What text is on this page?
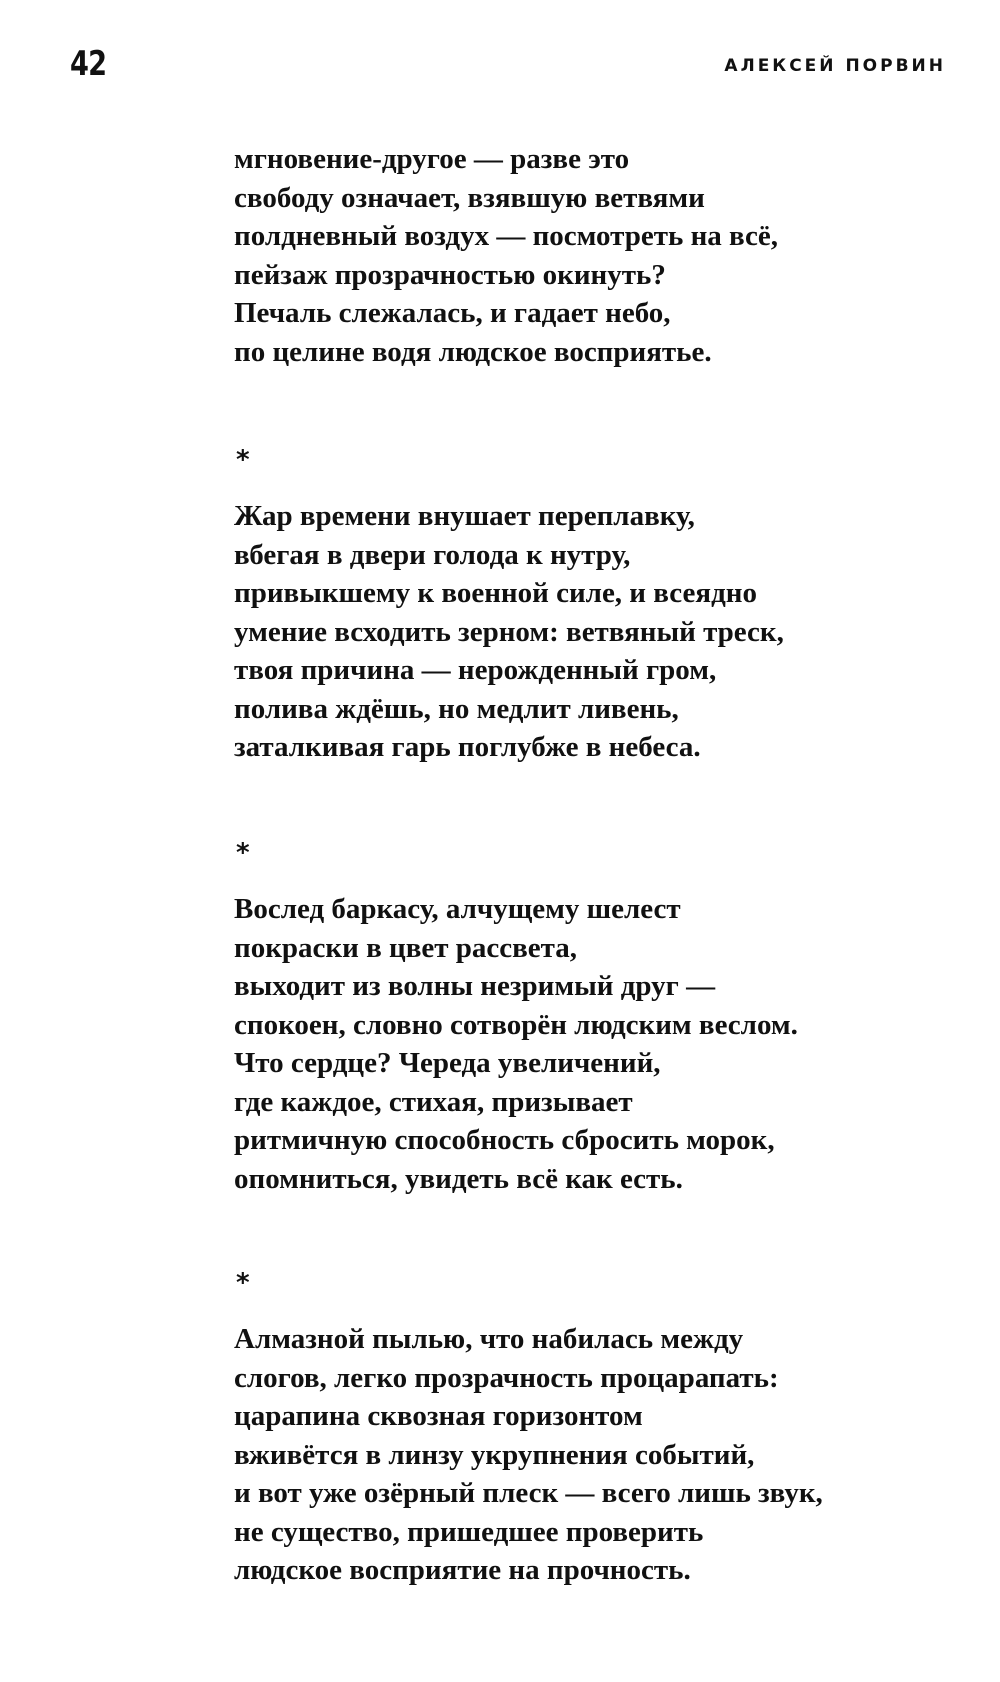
42	АЛЕКСЕЙ ПОРВИН
мгновение-другое — разве это
свободу означает, взявшую ветвями
полдневный воздух — посмотреть на всё,
пейзаж прозрачностью окинуть?
Печаль слежалась, и гадает небо,
по целине водя людское восприятье.
*
Жар времени внушает переплавку,
вбегая в двери голода к нутру,
привыкшему к военной силе, и всеядно
умение всходить зерном: ветвяный треск,
твоя причина — нерожденный гром,
полива ждёшь, но медлит ливень,
заталкивая гарь поглубже в небеса.
*
Вослед баркасу, алчущему шелест
покраски в цвет рассвета,
выходит из волны незримый друг —
спокоен, словно сотворён людским веслом.
Что сердце? Череда увеличений,
где каждое, стихая, призывает
ритмичную способность сбросить морок,
опомниться, увидеть всё как есть.
*
Алмазной пылью, что набилась между
слогов, легко прозрачность процарапать:
царапина сквозная горизонтом
вживётся в линзу укрупнения событий,
и вот уже озёрный плеск — всего лишь звук,
не существо, пришедшее проверить
людское восприятие на прочность.
